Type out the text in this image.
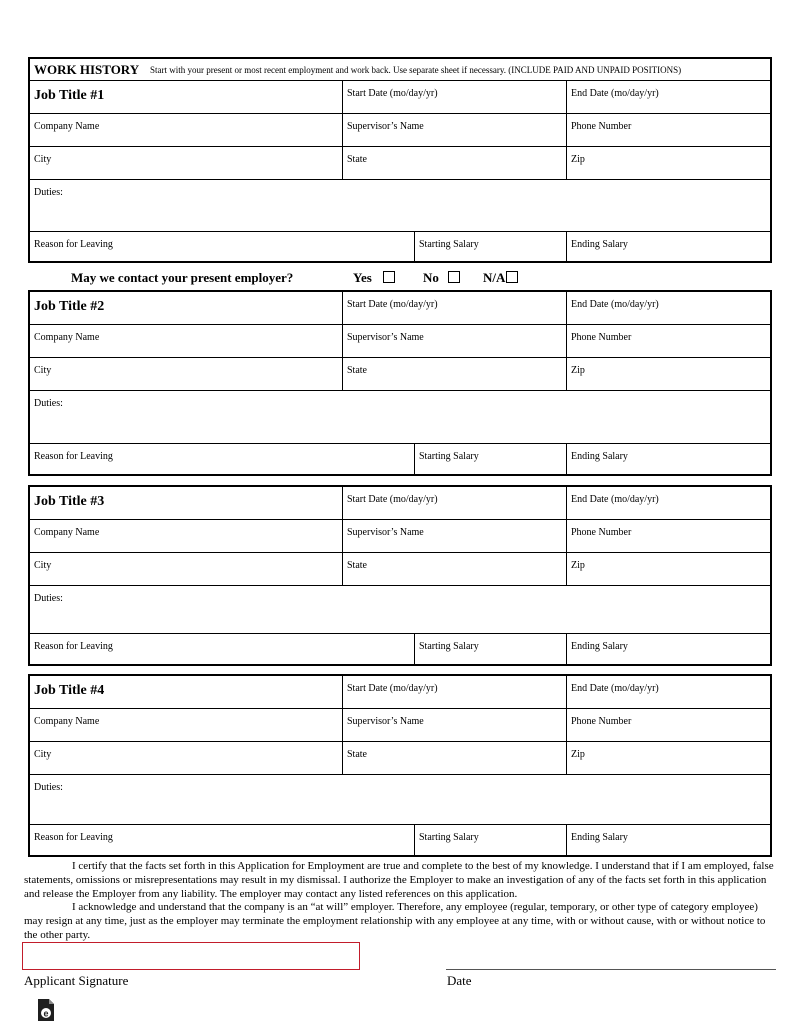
WORK HISTORY Start with your present or most recent employment and work back. Use separate sheet if necessary. (INCLUDE PAID AND UNPAID POSITIONS)
Job Title #1	Start Date (mo/day/yr)	End Date (mo/day/yr)
Company Name	Supervisor’s Name	Phone Number
City	State	Zip
Duties:
Reason for Leaving	Starting Salary	Ending Salary
May we contact your present employer?	Yes	No	N/A
Job Title #2	Start Date (mo/day/yr)	End Date (mo/day/yr)
Company Name	Supervisor’s Name	Phone Number
City	State	Zip
Duties:
Reason for Leaving	Starting Salary	Ending Salary
Job Title #3	Start Date (mo/day/yr)	End Date (mo/day/yr)
Company Name	Supervisor’s Name	Phone Number
City	State	Zip
Duties:
Reason for Leaving	Starting Salary	Ending Salary
Job Title #4	Start Date (mo/day/yr)	End Date (mo/day/yr)
Company Name	Supervisor’s Name	Phone Number
City	State	Zip
Duties:
Reason for Leaving	Starting Salary	Ending Salary

I certify that the facts set forth in this Application for Employment are true and complete to the best of my knowledge. I understand that if I am employed, false statements, omissions or misrepresentations may result in my dismissal. I authorize the Employer to make an investigation of any of the facts set forth in this application and release the Employer from any liability. The employer may contact any listed references on this application.

I acknowledge and understand that the company is an “at will” employer. Therefore, any employee (regular, temporary, or other type of category employee) may resign at any time, just as the employer may terminate the employment relationship with any employee at any time, with or without cause, with or without notice to the other party.

Applicant Signature	Date
e
